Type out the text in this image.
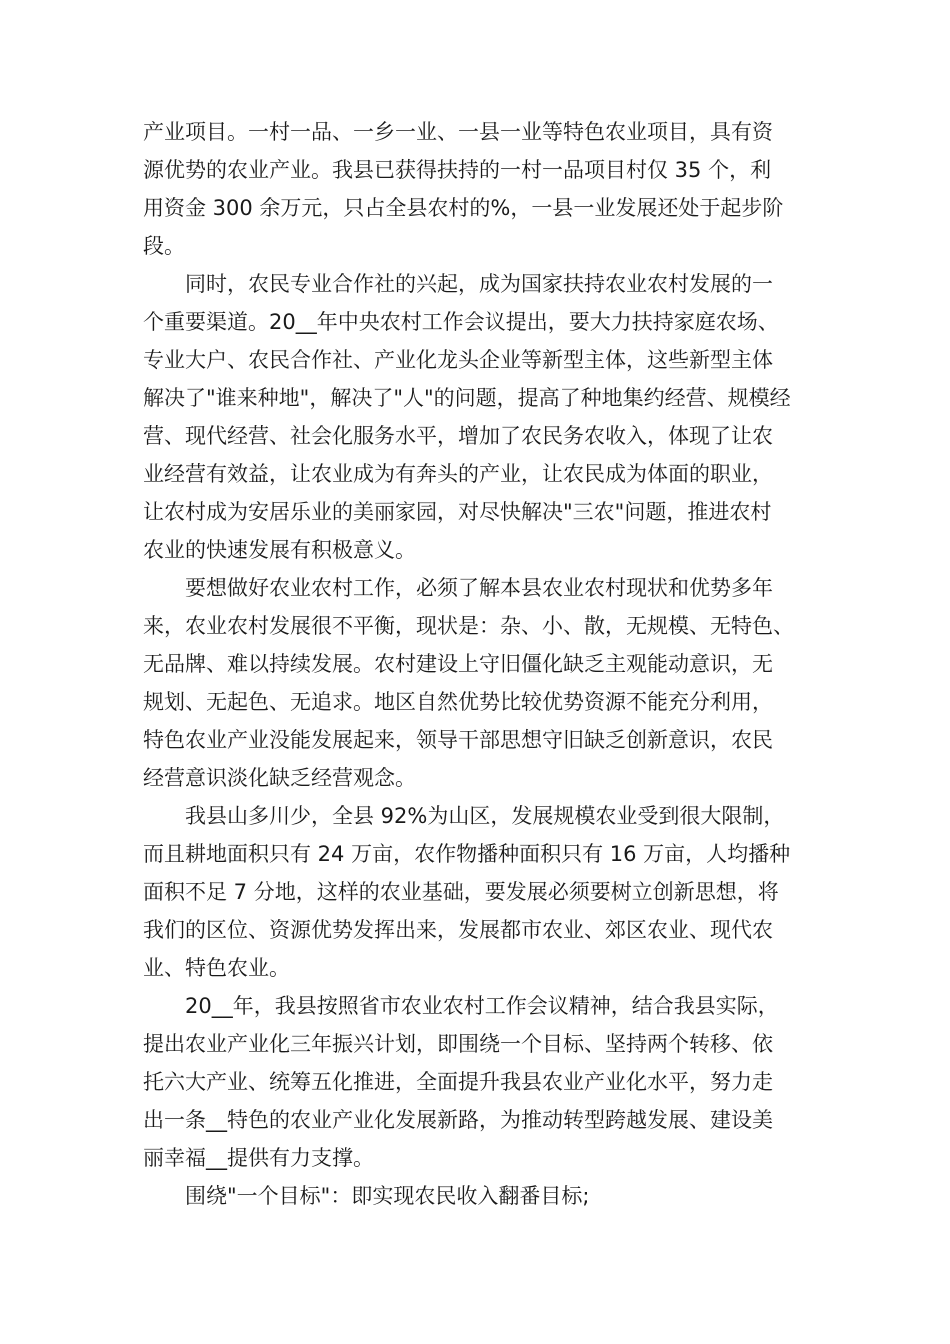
产业项目。一村一品、一乡一业、一县一业等特色农业项目，具有资
源优势的农业产业。我县已获得扶持的一村一品项目村仅 35 个，利
用资金 300 余万元，只占全县农村的%，一县一业发展还处于起步阶
段。
同时，农民专业合作社的兴起，成为国家扶持农业农村发展的一
个重要渠道。20__年中央农村工作会议提出，要大力扶持家庭农场、
专业大户、农民合作社、产业化龙头企业等新型主体，这些新型主体
解决了"谁来种地"，解决了"人"的问题，提高了种地集约经营、规模经
营、现代经营、社会化服务水平，增加了农民务农收入，体现了让农
业经营有效益，让农业成为有奔头的产业，让农民成为体面的职业，
让农村成为安居乐业的美丽家园，对尽快解决"三农"问题，推进农村
农业的快速发展有积极意义。
要想做好农业农村工作，必须了解本县农业农村现状和优势多年
来，农业农村发展很不平衡，现状是：杂、小、散，无规模、无特色、
无品牌、难以持续发展。农村建设上守旧僵化缺乏主观能动意识，无
规划、无起色、无追求。地区自然优势比较优势资源不能充分利用，
特色农业产业没能发展起来，领导干部思想守旧缺乏创新意识，农民
经营意识淡化缺乏经营观念。
我县山多川少，全县 92%为山区，发展规模农业受到很大限制，
而且耕地面积只有 24 万亩，农作物播种面积只有 16 万亩，人均播种
面积不足 7 分地，这样的农业基础，要发展必须要树立创新思想，将
我们的区位、资源优势发挥出来，发展都市农业、郊区农业、现代农
业、特色农业。
20__年，我县按照省市农业农村工作会议精神，结合我县实际，
提出农业产业化三年振兴计划，即围绕一个目标、坚持两个转移、依
托六大产业、统筹五化推进，全面提升我县农业产业化水平，努力走
出一条__特色的农业产业化发展新路，为推动转型跨越发展、建设美
丽幸福__提供有力支撑。
围绕"一个目标"：即实现农民收入翻番目标;
